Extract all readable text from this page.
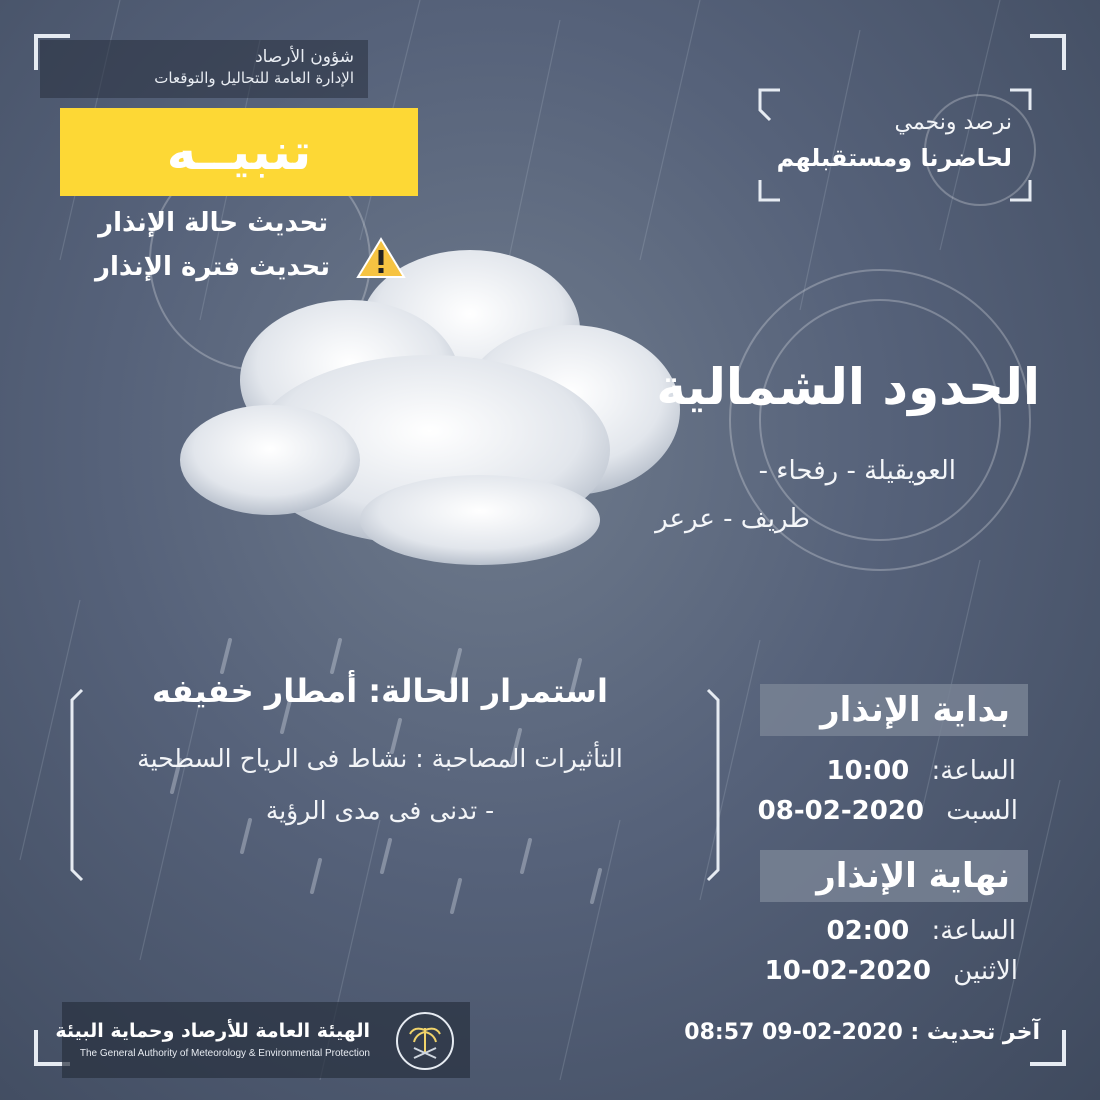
شؤون الأرصاد
الإدارة العامة للتحاليل والتوقعات
تنبيــه
تحديث حالة الإنذار
تحديث فترة الإنذار
نرصد ونحمي
لحاضرنا ومستقبلهم
الحدود الشمالية
العويقيلة - رفحاء -
طريف - عرعر
استمرار الحالة: أمطار خفيفه
التأثيرات المصاحبة : نشاط فى الرياح السطحية
- تدنى فى مدى الرؤية
بداية الإنذار
الساعة: 10:00
السبت 2020-02-08
نهاية الإنذار
الساعة: 02:00
الاثنين 2020-02-10
الهيئة العامة للأرصاد وحماية البيئة
The General Authority of Meteorology & Environmental Protection
آخر تحديث : 2020-02-09 08:57
